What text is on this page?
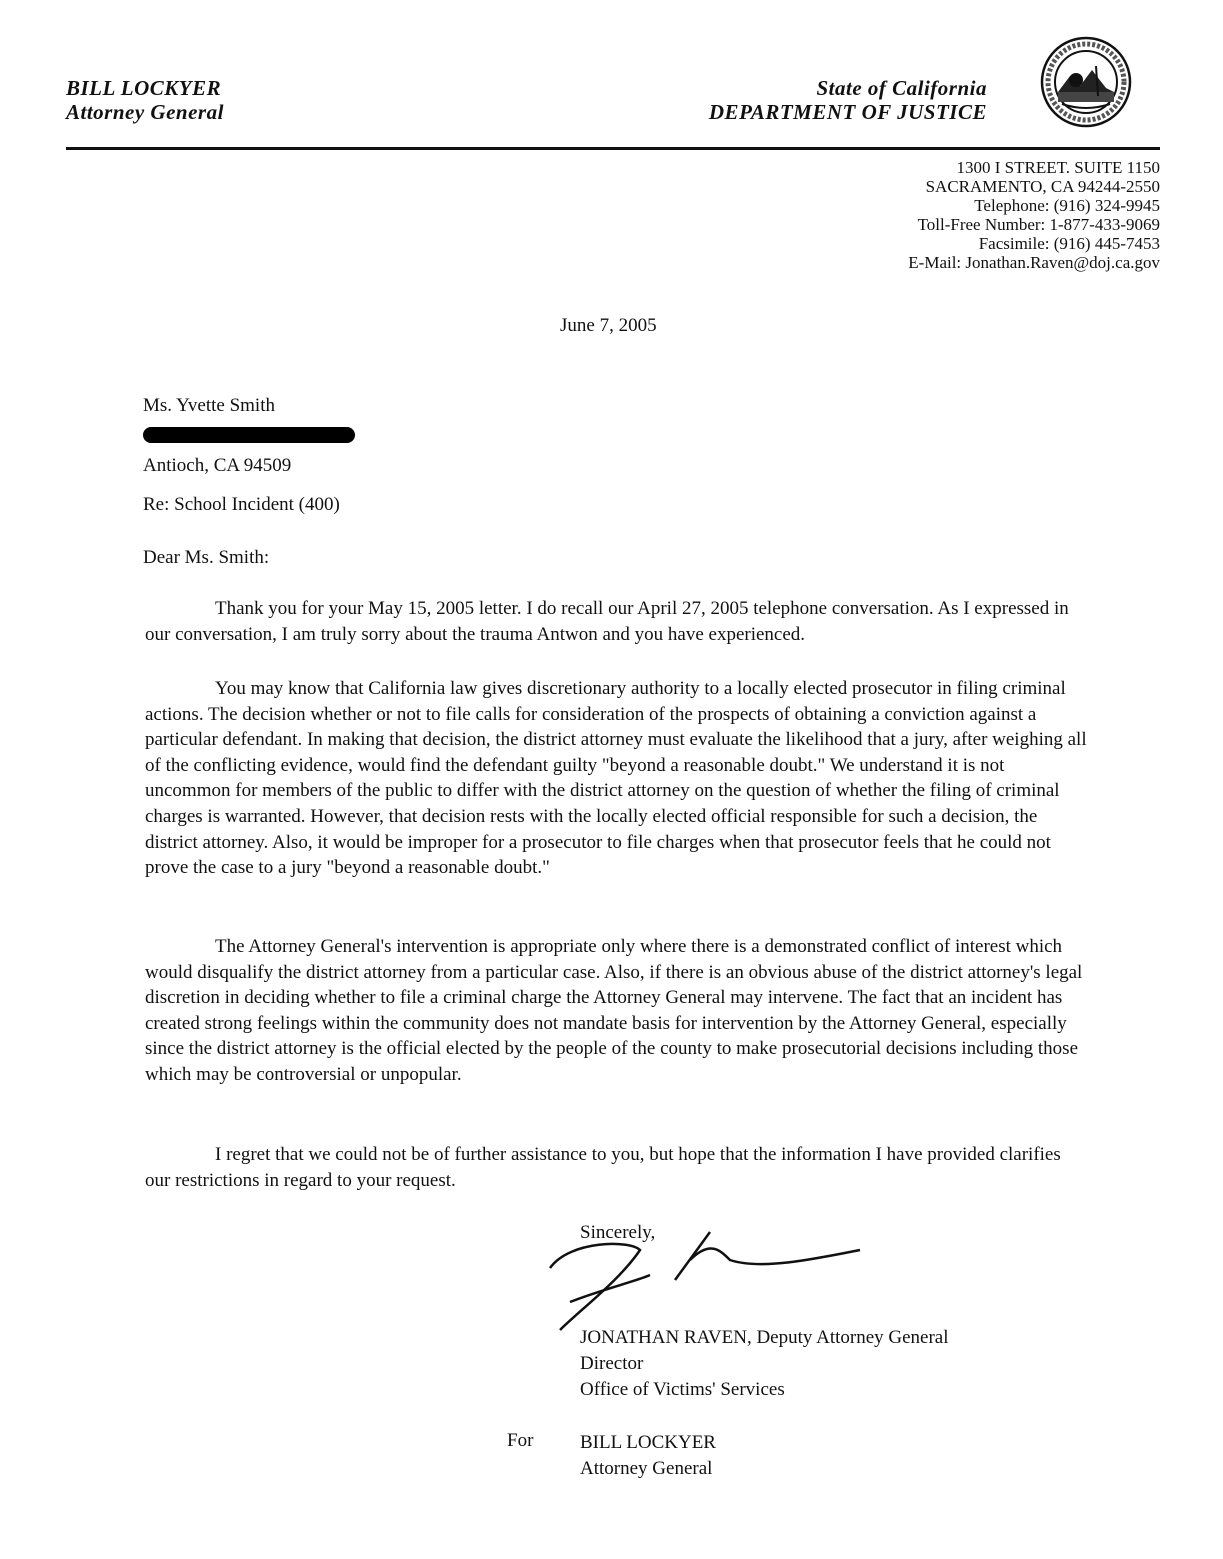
BILL LOCKYER
Attorney General
State of California
DEPARTMENT OF JUSTICE
1300 I STREET. SUITE 1150
SACRAMENTO, CA 94244-2550
Telephone: (916) 324-9945
Toll-Free Number: 1-877-433-9069
Facsimile: (916) 445-7453
E-Mail: Jonathan.Raven@doj.ca.gov
June 7, 2005
Ms. Yvette Smith
Antioch, CA 94509
Re: School Incident (400)
Dear Ms. Smith:

Thank you for your May 15, 2005 letter. I do recall our April 27, 2005 telephone conversation. As I expressed in our conversation, I am truly sorry about the trauma Antwon and you have experienced.

You may know that California law gives discretionary authority to a locally elected prosecutor in filing criminal actions. The decision whether or not to file calls for consideration of the prospects of obtaining a conviction against a particular defendant. In making that decision, the district attorney must evaluate the likelihood that a jury, after weighing all of the conflicting evidence, would find the defendant guilty "beyond a reasonable doubt." We understand it is not uncommon for members of the public to differ with the district attorney on the question of whether the filing of criminal charges is warranted. However, that decision rests with the locally elected official responsible for such a decision, the district attorney. Also, it would be improper for a prosecutor to file charges when that prosecutor feels that he could not prove the case to a jury "beyond a reasonable doubt."

The Attorney General's intervention is appropriate only where there is a demonstrated conflict of interest which would disqualify the district attorney from a particular case. Also, if there is an obvious abuse of the district attorney's legal discretion in deciding whether to file a criminal charge the Attorney General may intervene. The fact that an incident has created strong feelings within the community does not mandate basis for intervention by the Attorney General, especially since the district attorney is the official elected by the people of the county to make prosecutorial decisions including those which may be controversial or unpopular.

I regret that we could not be of further assistance to you, but hope that the information I have provided clarifies our restrictions in regard to your request.

Sincerely,
JONATHAN RAVEN, Deputy Attorney General
Director
Office of Victims' Services
For BILL LOCKYER
Attorney General
